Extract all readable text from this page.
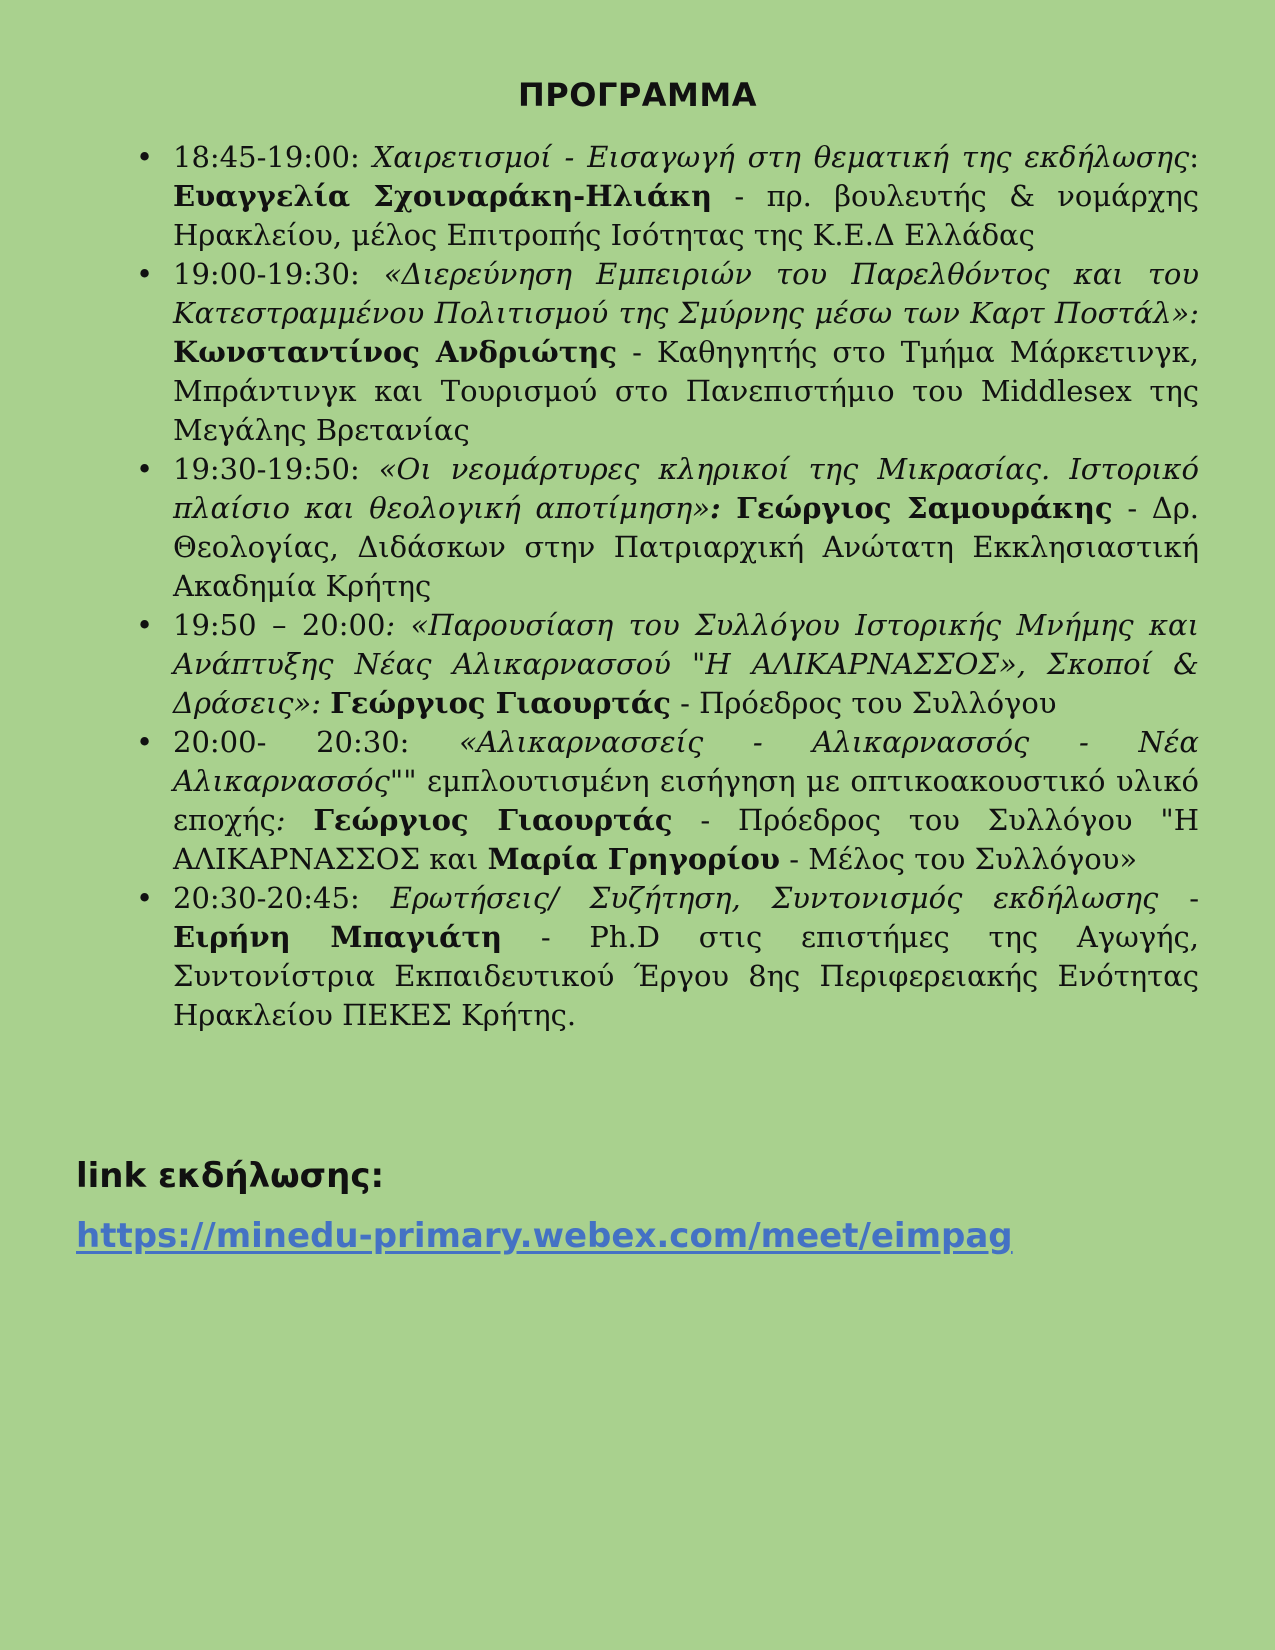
ΠΡΟΓΡΑΜΜΑ
• 18:45-19:00: Χαιρετισμοί - Εισαγωγή στη θεματική της εκδήλωσης: Ευαγγελία Σχοιναράκη-Ηλιάκη - πρ. βουλευτής & νομάρχης Ηρακλείου, μέλος Επιτροπής Ισότητας της Κ.Ε.Δ Ελλάδας
• 19:00-19:30: «Διερεύνηση Εμπειριών του Παρελθόντος και του Κατεστραμμένου Πολιτισμού της Σμύρνης μέσω των Καρτ Ποστάλ»: Κωνσταντίνος Ανδριώτης - Καθηγητής στο Τμήμα Μάρκετινγκ, Μπράντινγκ και Τουρισμού στο Πανεπιστήμιο του Middlesex της Μεγάλης Βρετανίας
• 19:30-19:50: «Οι νεομάρτυρες κληρικοί της Μικρασίας. Ιστορικό πλαίσιο και θεολογική αποτίμηση»: Γεώργιος Σαμουράκης - Δρ. Θεολογίας, Διδάσκων στην Πατριαρχική Ανώτατη Εκκλησιαστική Ακαδημία Κρήτης
• 19:50 – 20:00: «Παρουσίαση του Συλλόγου Ιστορικής Μνήμης και Ανάπτυξης Νέας Αλικαρνασσού "Η ΑΛΙΚΑΡΝΑΣΣΟΣ», Σκοποί & Δράσεις»: Γεώργιος Γιαουρτάς - Πρόεδρος του Συλλόγου
• 20:00- 20:30: «Αλικαρνασσείς - Αλικαρνασσός - Νέα Αλικαρνασσός"" εμπλουτισμένη εισήγηση με οπτικοακουστικό υλικό εποχής: Γεώργιος Γιαουρτάς - Πρόεδρος του Συλλόγου "Η ΑΛΙΚΑΡΝΑΣΣΟΣ και Μαρία Γρηγορίου - Μέλος του Συλλόγου»
• 20:30-20:45: Ερωτήσεις/ Συζήτηση, Συντονισμός εκδήλωσης - Ειρήνη Μπαγιάτη - Ph.D στις επιστήμες της Αγωγής, Συντονίστρια Εκπαιδευτικού Έργου 8ης Περιφερειακής Ενότητας Ηρακλείου ΠΕΚΕΣ Κρήτης.
link εκδήλωσης:
https://minedu-primary.webex.com/meet/eimpag
